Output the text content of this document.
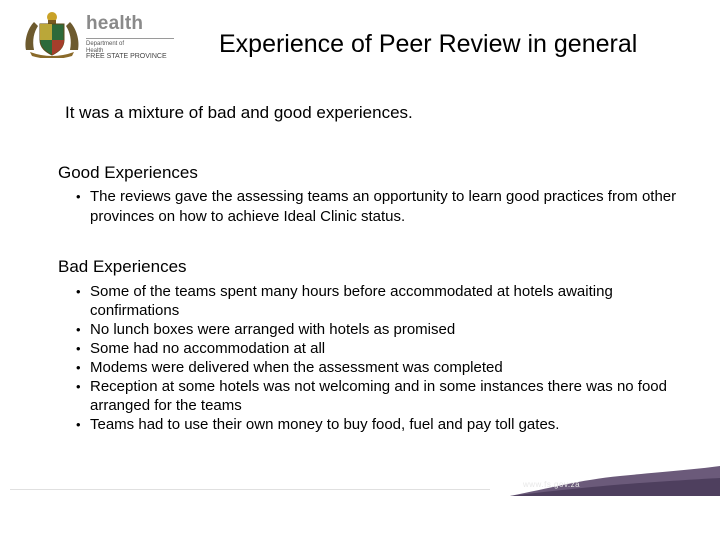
health
Department of
Health
FREE STATE PROVINCE Experience of Peer Review in general
It was a mixture of bad and good experiences.
Good Experiences
• The reviews gave the assessing teams an opportunity to learn good practices from other provinces on how to achieve Ideal Clinic status.
Bad Experiences
• Some of the teams spent many hours before accommodated at hotels awaiting confirmations
• No lunch boxes were arranged with hotels as promised
• Some had no accommodation at all
• Modems were delivered when the assessment was completed
• Reception at some hotels was not welcoming and in some instances there was no food arranged for the teams
• Teams had to use their own money to buy food, fuel and pay toll gates.
www.fs.gov.za
